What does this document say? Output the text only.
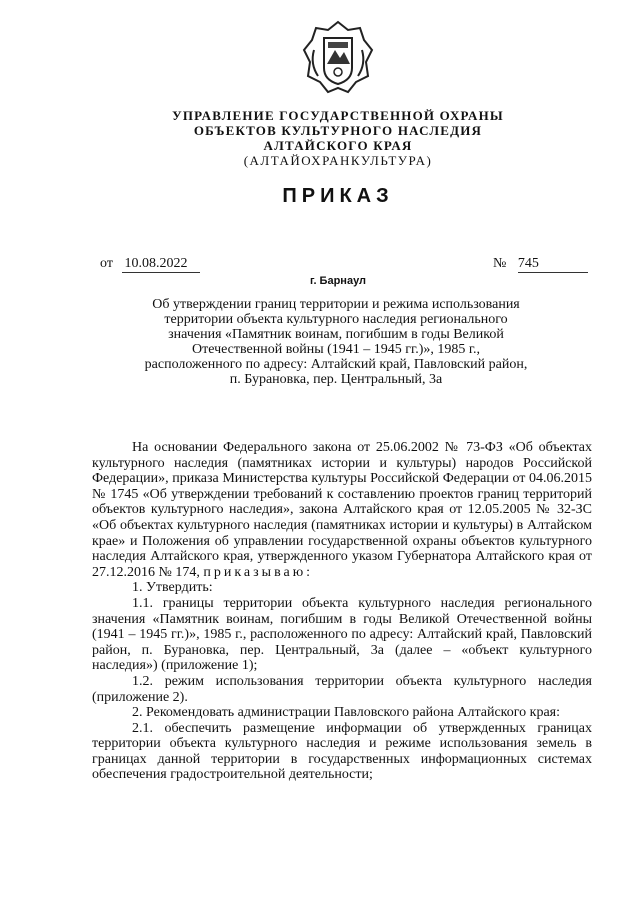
УПРАВЛЕНИЕ ГОСУДАРСТВЕННОЙ ОХРАНЫ
ОБЪЕКТОВ КУЛЬТУРНОГО НАСЛЕДИЯ
АЛТАЙСКОГО КРАЯ
(АЛТАЙОХРАНКУЛЬТУРА)
ПРИКАЗ
от 10.08.2022	№ 745
г. Барнаул
Об утверждении границ территории и режима использования
территории объекта культурного наследия регионального
значения «Памятник воинам, погибшим в годы Великой
Отечественной войны (1941 – 1945 гг.)», 1985 г.,
расположенного по адресу: Алтайский край, Павловский район,
п. Бурановка, пер. Центральный, 3а

На основании Федерального закона от 25.06.2002 № 73-ФЗ «Об объектах культурного наследия (памятниках истории и культуры) народов Российской Федерации», приказа Министерства культуры Российской Федерации от 04.06.2015 № 1745 «Об утверждении требований к составлению проектов границ территорий объектов культурного наследия», закона Алтайского края от 12.05.2005 № 32-ЗС «Об объектах культурного наследия (памятниках истории и культуры) в Алтайском крае» и Положения об управлении государственной охраны объектов культурного наследия Алтайского края, утвержденного указом Губернатора Алтайского края от 27.12.2016 № 174, приказываю:

1. Утвердить:

1.1. границы территории объекта культурного наследия регионального значения «Памятник воинам, погибшим в годы Великой Отечественной войны (1941 – 1945 гг.)», 1985 г., расположенного по адресу: Алтайский край, Павловский район, п. Бурановка, пер. Центральный, 3а (далее – «объект культурного наследия») (приложение 1);

1.2. режим использования территории объекта культурного наследия (приложение 2).

2. Рекомендовать администрации Павловского района Алтайского края:

2.1. обеспечить размещение информации об утвержденных границах территории объекта культурного наследия и режиме использования земель в границах данной территории в государственных информационных системах обеспечения градостроительной деятельности;
